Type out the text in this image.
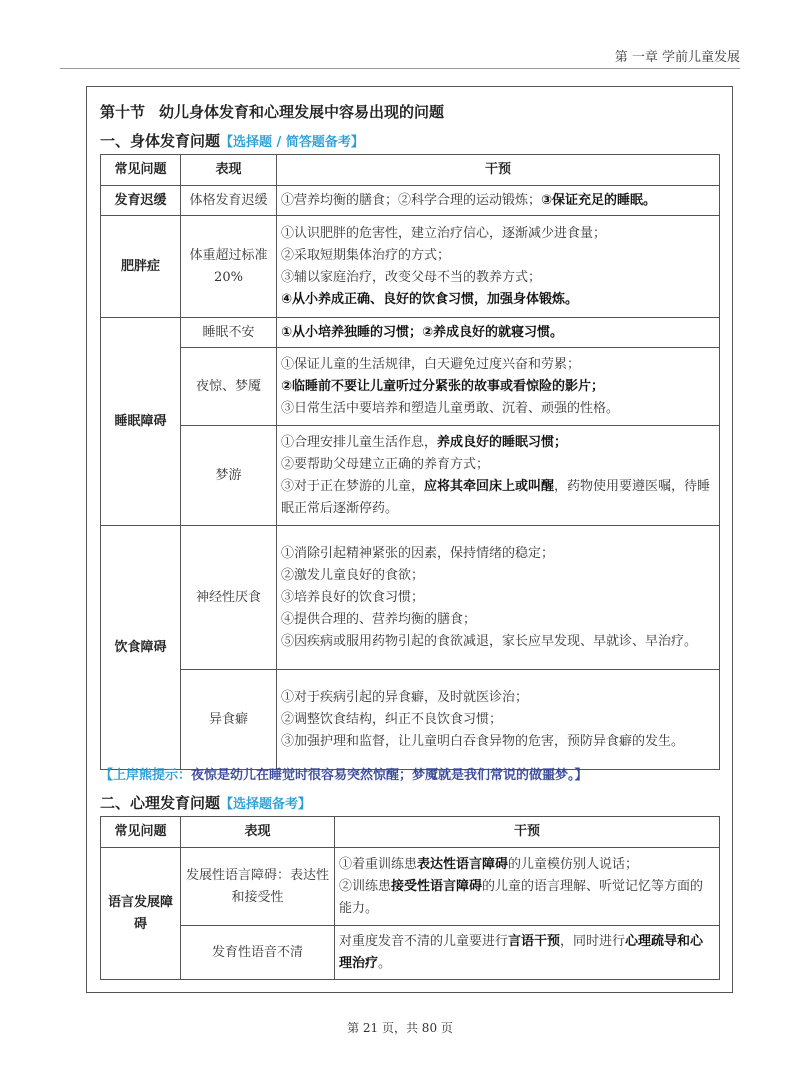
第 一章 学前儿童发展
第十节 幼儿身体发育和心理发展中容易出现的问题
一、身体发育问题【选择题 / 简答题备考】
常见问题	表现	干预
发育迟缓	体格发育迟缓	①营养均衡的膳食；②科学合理的运动锻炼；③保证充足的睡眠。
肥胖症	体重超过标准20%	①认识肥胖的危害性，建立治疗信心，逐渐减少进食量；
②采取短期集体治疗的方式；
③辅以家庭治疗，改变父母不当的教养方式；
④从小养成正确、良好的饮食习惯，加强身体锻炼。

睡眠障碍	睡眠不安	①从小培养独睡的习惯；②养成良好的就寝习惯。
	夜惊、梦魇	①保证儿童的生活规律，白天避免过度兴奋和劳累；
②临睡前不要让儿童听过分紧张的故事或看惊险的影片；
③日常生活中要培养和塑造儿童勇敢、沉着、顽强的性格。

	梦游	①合理安排儿童生活作息，养成良好的睡眠习惯；
②要帮助父母建立正确的养育方式；
③对于正在梦游的儿童，应将其牵回床上或叫醒，药物使用要遵医嘱，待睡眠正常后逐渐停药。

饮食障碍	神经性厌食	①消除引起精神紧张的因素，保持情绪的稳定；
②激发儿童良好的食欲；
③培养良好的饮食习惯；
④提供合理的、营养均衡的膳食；
⑤因疾病或服用药物引起的食欲减退，家长应早发现、早就诊、早治疗。

	异食癖	①对于疾病引起的异食癖，及时就医诊治；
②调整饮食结构，纠正不良饮食习惯；
③加强护理和监督，让儿童明白吞食异物的危害，预防异食癖的发生。
【上岸熊提示：夜惊是幼儿在睡觉时很容易突然惊醒；梦魇就是我们常说的做噩梦。】
二、心理发育问题【选择题备考】
常见问题	表现	干预
语言发展障碍	发展性语言障碍：表达性和接受性	①着重训练患表达性语言障碍的儿童模仿别人说话；
②训练患接受性语言障碍的儿童的语言理解、听觉记忆等方面的能力。

	发育性语音不清	对重度发音不清的儿童要进行言语干预，同时进行心理疏导和心理治疗。
第 21 页，共 80 页
